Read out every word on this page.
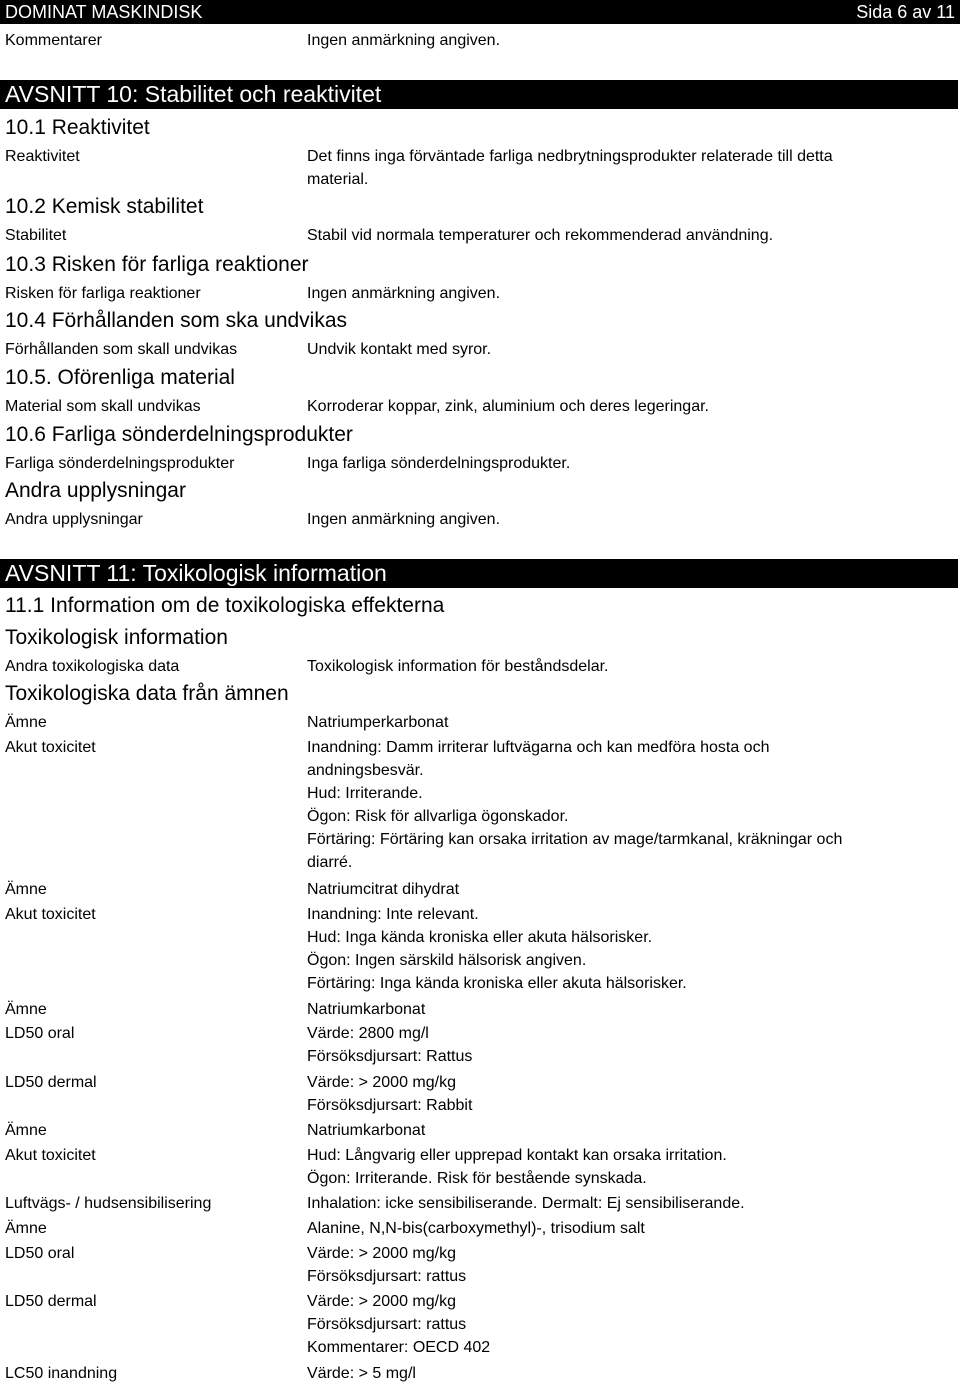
DOMINAT MASKINDISK	Sida 6 av 11
Kommentarer	Ingen anmärkning angiven.
AVSNITT 10: Stabilitet och reaktivitet
10.1 Reaktivitet
Reaktivitet	Det finns inga förväntade farliga nedbrytningsprodukter relaterade till detta
material.
10.2 Kemisk stabilitet
Stabilitet	Stabil vid normala temperaturer och rekommenderad användning.
10.3 Risken för farliga reaktioner
Risken för farliga reaktioner	Ingen anmärkning angiven.
10.4 Förhållanden som ska undvikas
Förhållanden som skall undvikas	Undvik kontakt med syror.
10.5. Oförenliga material
Material som skall undvikas	Korroderar koppar, zink, aluminium och deres legeringar.
10.6 Farliga sönderdelningsprodukter
Farliga sönderdelningsprodukter	Inga farliga sönderdelningsprodukter.
Andra upplysningar
Andra upplysningar	Ingen anmärkning angiven.
AVSNITT 11: Toxikologisk information
11.1 Information om de toxikologiska effekterna
Toxikologisk information
Andra toxikologiska data	Toxikologisk information för beståndsdelar.
Toxikologiska data från ämnen
Ämne	Natriumperkarbonat
Akut toxicitet	Inandning: Damm irriterar luftvägarna och kan medföra hosta och
andningsbesvär.
Hud: Irriterande.
Ögon: Risk för allvarliga ögonskador.
Förtäring: Förtäring kan orsaka irritation av mage/tarmkanal, kräkningar och
diarré.
Ämne	Natriumcitrat dihydrat
Akut toxicitet	Inandning: Inte relevant.
Hud: Inga kända kroniska eller akuta hälsorisker.
Ögon: Ingen särskild hälsorisk angiven.
Förtäring: Inga kända kroniska eller akuta hälsorisker.
Ämne	Natriumkarbonat
LD50 oral	Värde: 2800 mg/l
Försöksdjursart: Rattus
LD50 dermal	Värde: > 2000 mg/kg
Försöksdjursart: Rabbit
Ämne	Natriumkarbonat
Akut toxicitet	Hud: Långvarig eller upprepad kontakt kan orsaka irritation.
Ögon: Irriterande. Risk för bestående synskada.
Luftvägs- / hudsensibilisering	Inhalation: icke sensibiliserande. Dermalt: Ej sensibiliserande.
Ämne	Alanine, N,N-bis(carboxymethyl)-, trisodium salt
LD50 oral	Värde: > 2000 mg/kg
Försöksdjursart: rattus
LD50 dermal	Värde: > 2000 mg/kg
Försöksdjursart: rattus
Kommentarer: OECD 402
LC50 inandning	Värde: > 5 mg/l
